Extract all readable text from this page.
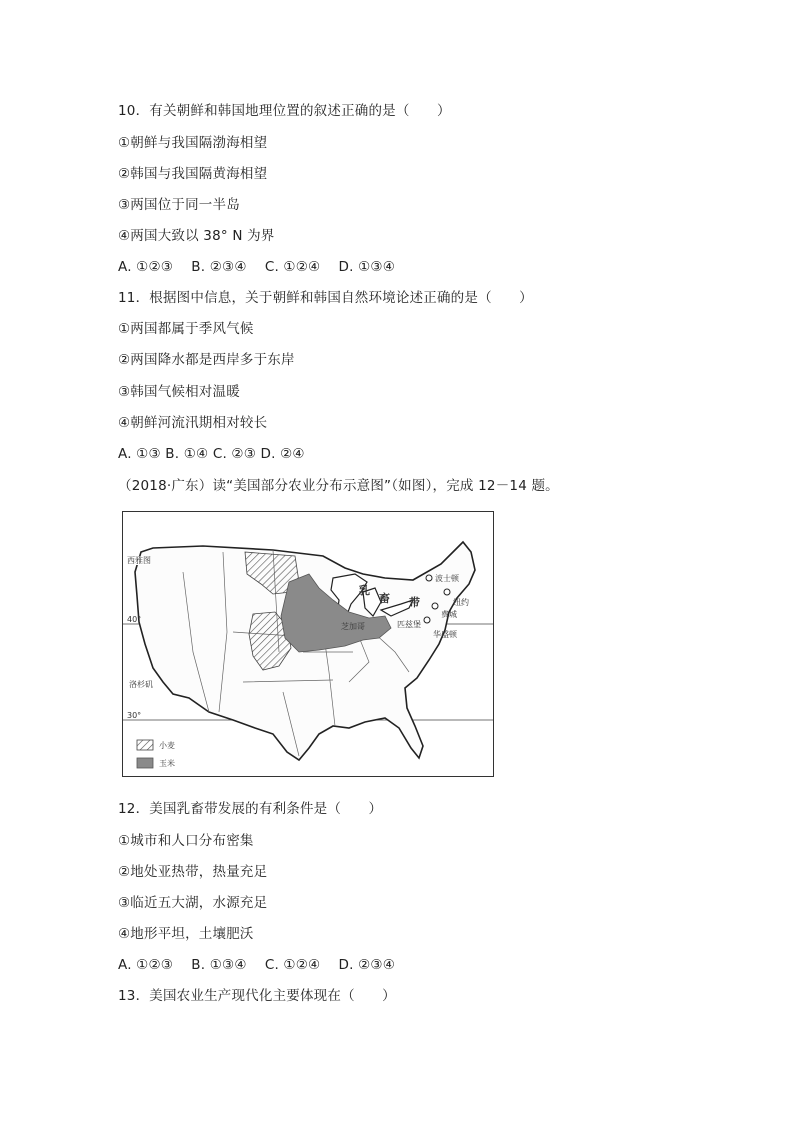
10．有关朝鲜和韩国地理位置的叙述正确的是（　　）
①朝鲜与我国隔渤海相望
②韩国与我国隔黄海相望
③两国位于同一半岛
④两国大致以 38° N 为界
A. ①②③　 B. ②③④　 C. ①②④　 D. ①③④
11．根据图中信息，关于朝鲜和韩国自然环境论述正确的是（　　）
①两国都属于季风气候
②两国降水都是西岸多于东岸
③韩国气候相对温暖
④朝鲜河流汛期相对较长
A. ①③ B. ①④ C. ②③ D. ②④
（2018·广东）读“美国部分农业分布示意图”（如图），完成 12－14 题。
西雅图
洛杉矶
芝加哥	匹兹堡
波士顿
纽约
费城
华盛顿
乳
畜 带
40°
30°
小麦
玉米
12．美国乳畜带发展的有利条件是（　　）
①城市和人口分布密集
②地处亚热带，热量充足
③临近五大湖，水源充足
④地形平坦，土壤肥沃
A. ①②③　 B. ①③④　 C. ①②④　 D. ②③④
13．美国农业生产现代化主要体现在（　　）
